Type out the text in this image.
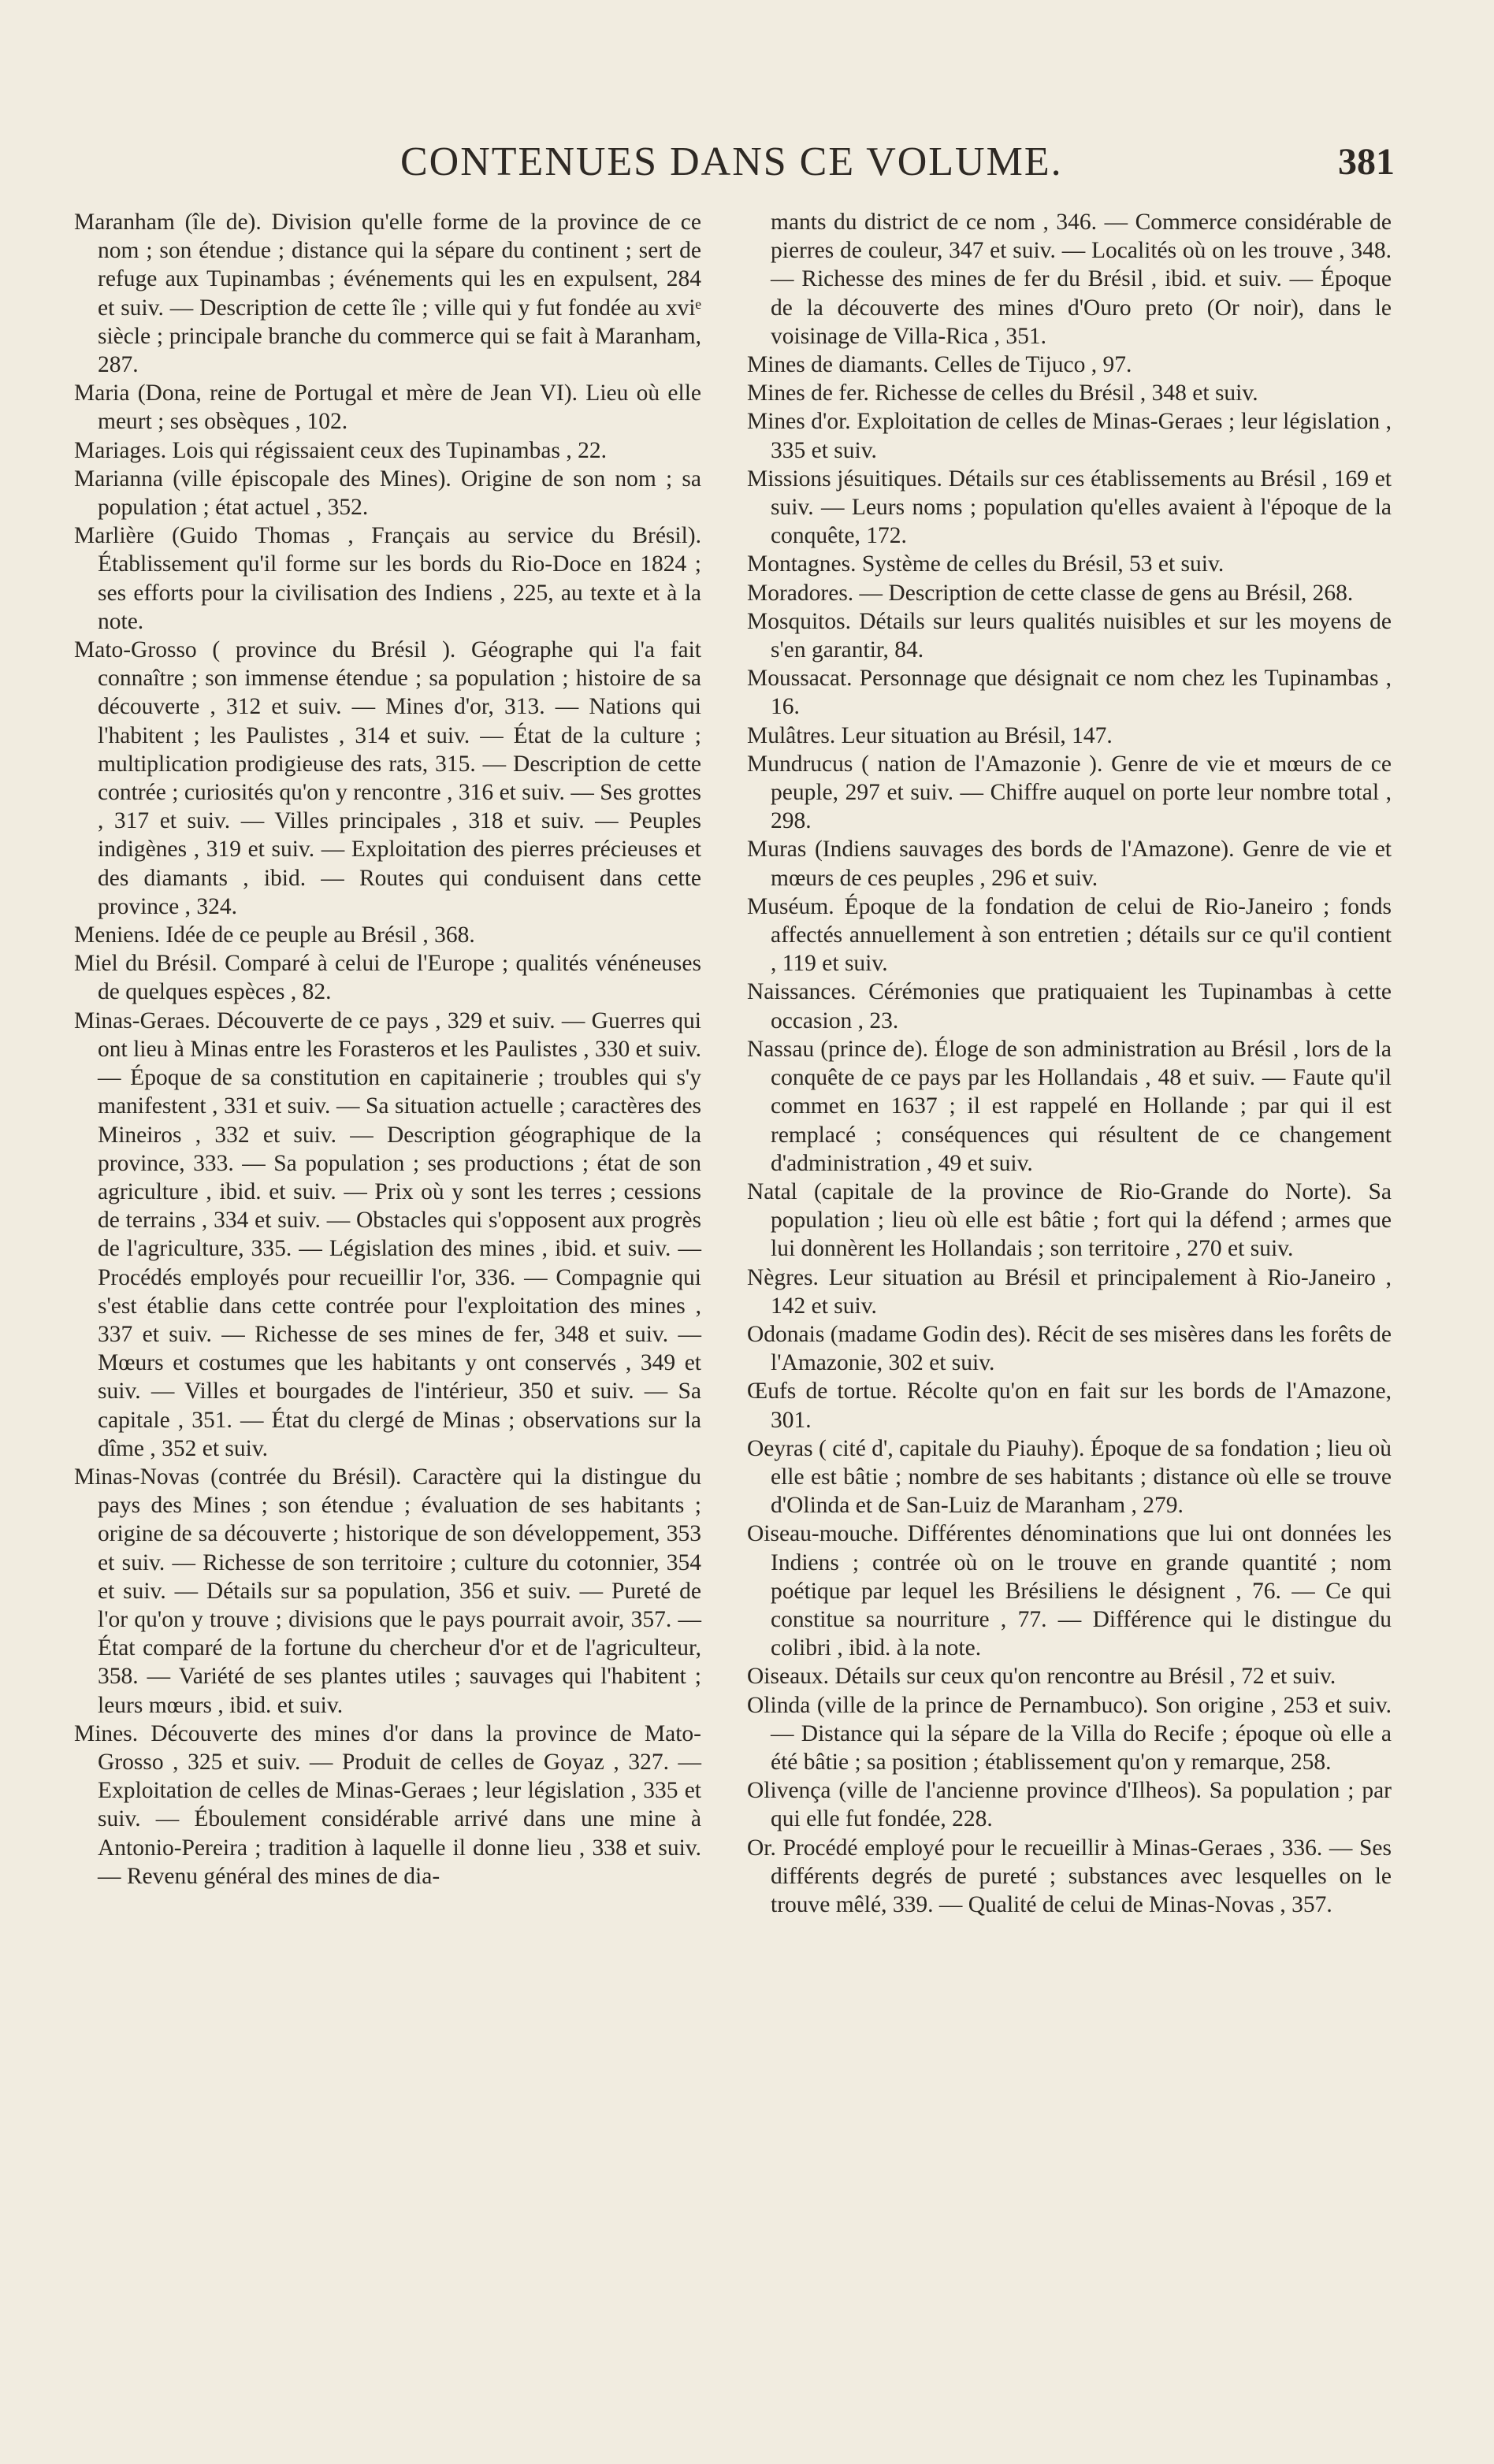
CONTENUES DANS CE VOLUME.	381

Maranham (île de). Division qu'elle forme de la province de ce nom ; son étendue ; distance qui la sépare du continent ; sert de refuge aux Tupinambas ; événements qui les en expulsent, 284 et suiv. — Description de cette île ; ville qui y fut fondée au xviᵉ siècle ; principale branche du commerce qui se fait à Maranham, 287.

Maria (Dona, reine de Portugal et mère de Jean VI). Lieu où elle meurt ; ses obsèques , 102.

Mariages. Lois qui régissaient ceux des Tupinambas , 22.

Marianna (ville épiscopale des Mines). Origine de son nom ; sa population ; état actuel , 352.

Marlière (Guido Thomas , Français au service du Brésil). Établissement qu'il forme sur les bords du Rio-Doce en 1824 ; ses efforts pour la civilisation des Indiens , 225, au texte et à la note.

Mato-Grosso ( province du Brésil ). Géographe qui l'a fait connaître ; son immense étendue ; sa population ; histoire de sa découverte , 312 et suiv. — Mines d'or, 313. — Nations qui l'habitent ; les Paulistes , 314 et suiv. — État de la culture ; multiplication prodigieuse des rats, 315. — Description de cette contrée ; curiosités qu'on y rencontre , 316 et suiv. — Ses grottes , 317 et suiv. — Villes principales , 318 et suiv. — Peuples indigènes , 319 et suiv. — Exploitation des pierres précieuses et des diamants , ibid. — Routes qui conduisent dans cette province , 324.

Meniens. Idée de ce peuple au Brésil , 368.

Miel du Brésil. Comparé à celui de l'Europe ; qualités vénéneuses de quelques espèces , 82.

Minas-Geraes. Découverte de ce pays , 329 et suiv. — Guerres qui ont lieu à Minas entre les Forasteros et les Paulistes , 330 et suiv. — Époque de sa constitution en capitainerie ; troubles qui s'y manifestent , 331 et suiv. — Sa situation actuelle ; caractères des Mineiros , 332 et suiv. — Description géographique de la province, 333. — Sa population ; ses productions ; état de son agriculture , ibid. et suiv. — Prix où y sont les terres ; cessions de terrains , 334 et suiv. — Obstacles qui s'opposent aux progrès de l'agriculture, 335. — Législation des mines , ibid. et suiv. — Procédés employés pour recueillir l'or, 336. — Compagnie qui s'est établie dans cette contrée pour l'exploitation des mines , 337 et suiv. — Richesse de ses mines de fer, 348 et suiv. — Mœurs et costumes que les habitants y ont conservés , 349 et suiv. — Villes et bourgades de l'intérieur, 350 et suiv. — Sa capitale , 351. — État du clergé de Minas ; observations sur la dîme , 352 et suiv.

Minas-Novas (contrée du Brésil). Caractère qui la distingue du pays des Mines ; son étendue ; évaluation de ses habitants ; origine de sa découverte ; historique de son développement, 353 et suiv. — Richesse de son territoire ; culture du cotonnier, 354 et suiv. — Détails sur sa population, 356 et suiv. — Pureté de l'or qu'on y trouve ; divisions que le pays pourrait avoir, 357. — État comparé de la fortune du chercheur d'or et de l'agriculteur, 358. — Variété de ses plantes utiles ; sauvages qui l'habitent ; leurs mœurs , ibid. et suiv.

Mines. Découverte des mines d'or dans la province de Mato-Grosso , 325 et suiv. — Produit de celles de Goyaz , 327. — Exploitation de celles de Minas-Geraes ; leur législation , 335 et suiv. — Éboulement considérable arrivé dans une mine à Antonio-Pereira ; tradition à laquelle il donne lieu , 338 et suiv. — Revenu général des mines de dia-

mants du district de ce nom , 346. — Commerce considérable de pierres de couleur, 347 et suiv. — Localités où on les trouve , 348. — Richesse des mines de fer du Brésil , ibid. et suiv. — Époque de la découverte des mines d'Ouro preto (Or noir), dans le voisinage de Villa-Rica , 351.

Mines de diamants. Celles de Tijuco , 97.

Mines de fer. Richesse de celles du Brésil , 348 et suiv.

Mines d'or. Exploitation de celles de Minas-Geraes ; leur législation , 335 et suiv.

Missions jésuitiques. Détails sur ces établissements au Brésil , 169 et suiv. — Leurs noms ; population qu'elles avaient à l'époque de la conquête, 172.

Montagnes. Système de celles du Brésil, 53 et suiv.

Moradores. — Description de cette classe de gens au Brésil, 268.

Mosquitos. Détails sur leurs qualités nuisibles et sur les moyens de s'en garantir, 84.

Moussacat. Personnage que désignait ce nom chez les Tupinambas , 16.

Mulâtres. Leur situation au Brésil, 147.

Mundrucus ( nation de l'Amazonie ). Genre de vie et mœurs de ce peuple, 297 et suiv. — Chiffre auquel on porte leur nombre total , 298.

Muras (Indiens sauvages des bords de l'Amazone). Genre de vie et mœurs de ces peuples , 296 et suiv.

Muséum. Époque de la fondation de celui de Rio-Janeiro ; fonds affectés annuellement à son entretien ; détails sur ce qu'il contient , 119 et suiv.

Naissances. Cérémonies que pratiquaient les Tupinambas à cette occasion , 23.

Nassau (prince de). Éloge de son administration au Brésil , lors de la conquête de ce pays par les Hollandais , 48 et suiv. — Faute qu'il commet en 1637 ; il est rappelé en Hollande ; par qui il est remplacé ; conséquences qui résultent de ce changement d'administration , 49 et suiv.

Natal (capitale de la province de Rio-Grande do Norte). Sa population ; lieu où elle est bâtie ; fort qui la défend ; armes que lui donnèrent les Hollandais ; son territoire , 270 et suiv.

Nègres. Leur situation au Brésil et principalement à Rio-Janeiro , 142 et suiv.

Odonais (madame Godin des). Récit de ses misères dans les forêts de l'Amazonie, 302 et suiv.

Œufs de tortue. Récolte qu'on en fait sur les bords de l'Amazone, 301.

Oeyras ( cité d', capitale du Piauhy). Époque de sa fondation ; lieu où elle est bâtie ; nombre de ses habitants ; distance où elle se trouve d'Olinda et de San-Luiz de Maranham , 279.

Oiseau-mouche. Différentes dénominations que lui ont données les Indiens ; contrée où on le trouve en grande quantité ; nom poétique par lequel les Brésiliens le désignent , 76. — Ce qui constitue sa nourriture , 77. — Différence qui le distingue du colibri , ibid. à la note.

Oiseaux. Détails sur ceux qu'on rencontre au Brésil , 72 et suiv.

Olinda (ville de la prince de Pernambuco). Son origine , 253 et suiv. — Distance qui la sépare de la Villa do Recife ; époque où elle a été bâtie ; sa position ; établissement qu'on y remarque, 258.

Olivença (ville de l'ancienne province d'Ilheos). Sa population ; par qui elle fut fondée, 228.

Or. Procédé employé pour le recueillir à Minas-Geraes , 336. — Ses différents degrés de pureté ; substances avec lesquelles on le trouve mêlé, 339. — Qualité de celui de Minas-Novas , 357.
